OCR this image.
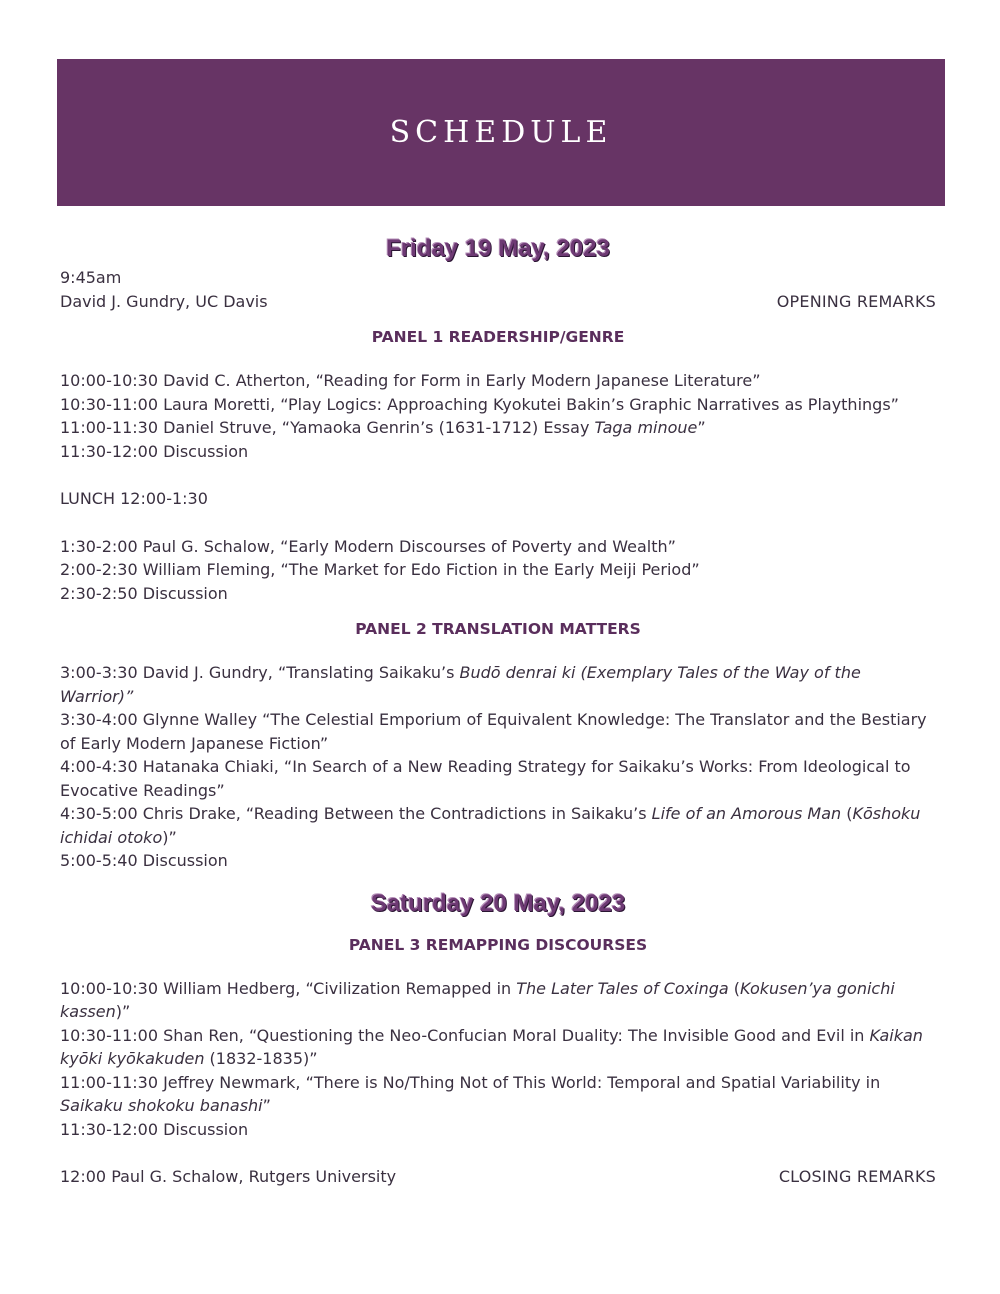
SCHEDULE
Friday 19 May, 2023
9:45am
David J. Gundry, UC Davis	OPENING REMARKS
PANEL 1 READERSHIP/GENRE
10:00-10:30 David C. Atherton, “Reading for Form in Early Modern Japanese Literature”
10:30-11:00 Laura Moretti, “Play Logics: Approaching Kyokutei Bakin’s Graphic Narratives as Playthings”
11:00-11:30 Daniel Struve, “Yamaoka Genrin’s (1631-1712) Essay Taga minoue”
11:30-12:00 Discussion
LUNCH 12:00-1:30
1:30-2:00 Paul G. Schalow, “Early Modern Discourses of Poverty and Wealth”
2:00-2:30 William Fleming, “The Market for Edo Fiction in the Early Meiji Period”
2:30-2:50 Discussion
PANEL 2 TRANSLATION MATTERS
3:00-3:30 David J. Gundry, “Translating Saikaku’s Budō denrai ki (Exemplary Tales of the Way of the Warrior)”
3:30-4:00 Glynne Walley “The Celestial Emporium of Equivalent Knowledge: The Translator and the Bestiary of Early Modern Japanese Fiction”
4:00-4:30 Hatanaka Chiaki, “In Search of a New Reading Strategy for Saikaku’s Works: From Ideological to Evocative Readings”
4:30-5:00 Chris Drake, “Reading Between the Contradictions in Saikaku’s Life of an Amorous Man (Kōshoku ichidai otoko)”
5:00-5:40 Discussion
Saturday 20 May, 2023
PANEL 3 REMAPPING DISCOURSES
10:00-10:30 William Hedberg, “Civilization Remapped in The Later Tales of Coxinga (Kokusen’ya gonichi kassen)”
10:30-11:00 Shan Ren, “Questioning the Neo-Confucian Moral Duality: The Invisible Good and Evil in Kaikan kyōki kyōkakuden (1832-1835)”
11:00-11:30 Jeffrey Newmark, “There is No/Thing Not of This World: Temporal and Spatial Variability in Saikaku shokoku banashi”
11:30-12:00 Discussion
12:00 Paul G. Schalow, Rutgers University	CLOSING REMARKS
